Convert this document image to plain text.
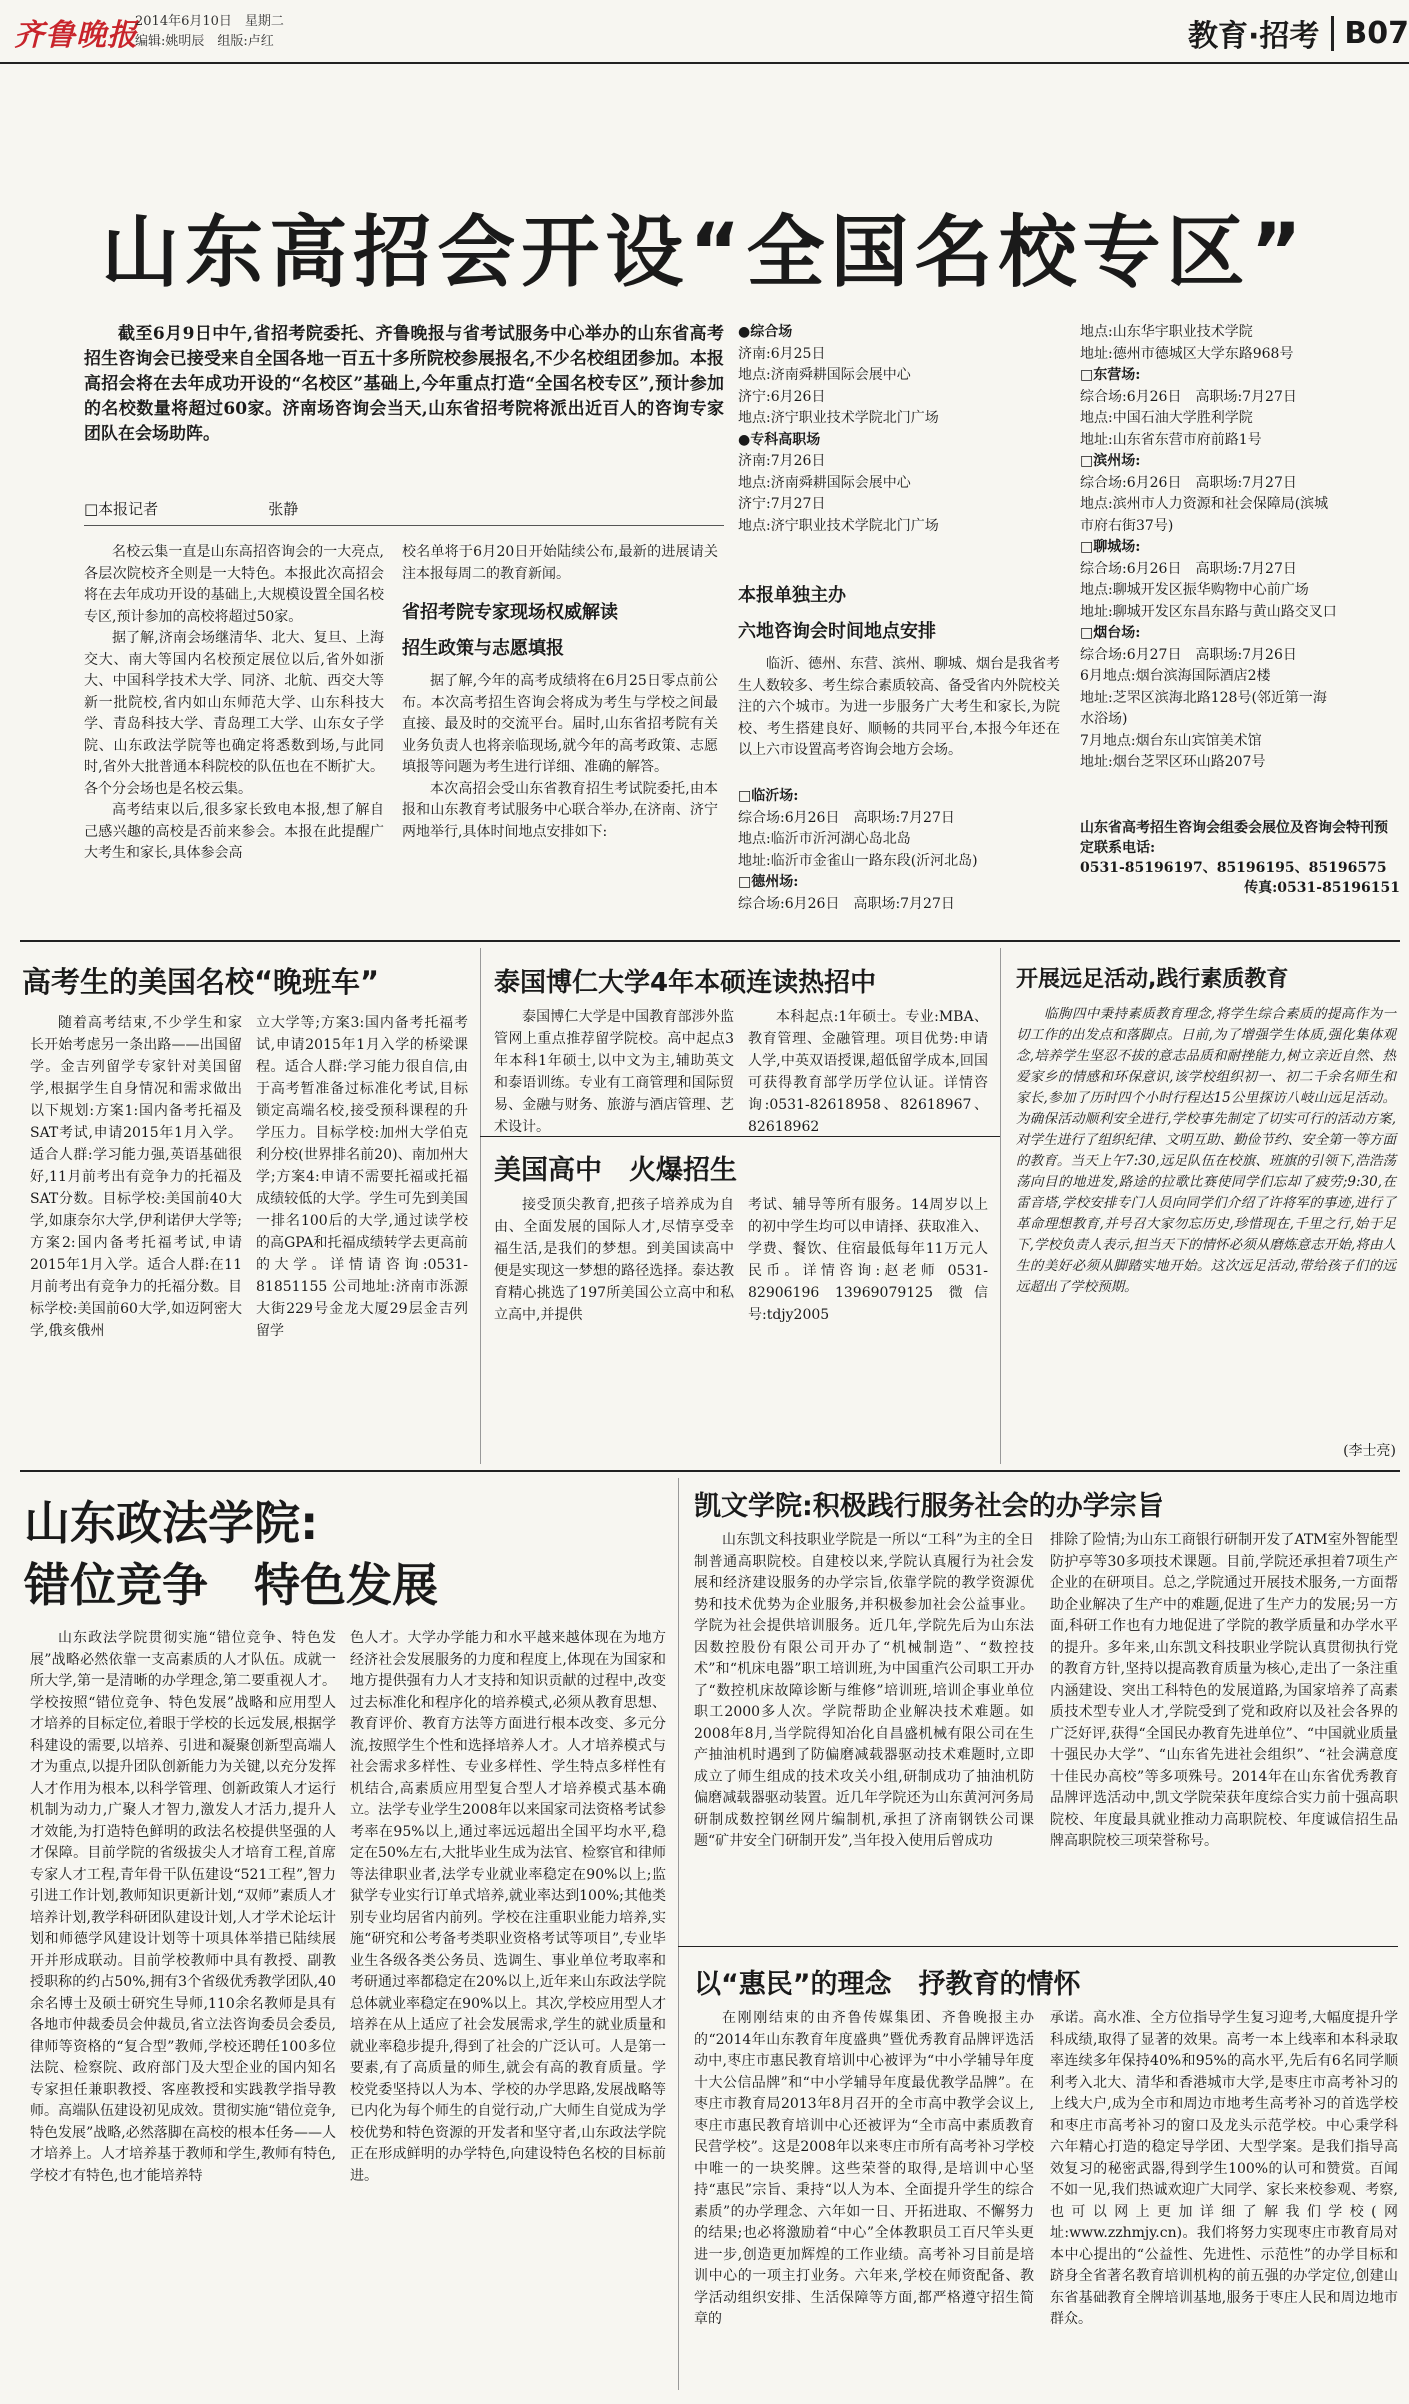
齐鲁晚报
2014年6月10日　星期二
编辑:姚明辰　组版:卢红	教育·招考 B07
山东高招会开设“全国名校专区”
截至6月9日中午,省招考院委托、齐鲁晚报与省考试服务中心举办的山东省高考招生咨询会已接受来自全国各地一百五十多所院校参展报名,不少名校组团参加。本报高招会将在去年成功开设的“名校区”基础上,今年重点打造“全国名校专区”,预计参加的名校数量将超过60家。济南场咨询会当天,山东省招考院将派出近百人的咨询专家团队在会场助阵。
□本报记者	张静

名校云集一直是山东高招咨询会的一大亮点,各层次院校齐全则是一大特色。本报此次高招会将在去年成功开设的基础上,大规模设置全国名校专区,预计参加的高校将超过50家。

据了解,济南会场继清华、北大、复旦、上海交大、南大等国内名校预定展位以后,省外如浙大、中国科学技术大学、同济、北航、西交大等新一批院校,省内如山东师范大学、山东科技大学、青岛科技大学、青岛理工大学、山东女子学院、山东政法学院等也确定将悉数到场,与此同时,省外大批普通本科院校的队伍也在不断扩大。各个分会场也是名校云集。

高考结束以后,很多家长致电本报,想了解自己感兴趣的高校是否前来参会。本报在此提醒广大考生和家长,具体参会高

校名单将于6月20日开始陆续公布,最新的进展请关注本报每周二的教育新闻。
省招考院专家现场权威解读
招生政策与志愿填报

据了解,今年的高考成绩将在6月25日零点前公布。本次高考招生咨询会将成为考生与学校之间最直接、最及时的交流平台。届时,山东省招考院有关业务负责人也将亲临现场,就今年的高考政策、志愿填报等问题为考生进行详细、准确的解答。

本次高招会受山东省教育招生考试院委托,由本报和山东教育考试服务中心联合举办,在济南、济宁两地举行,具体时间地点安排如下:

●综合场
济南:6月25日
地点:济南舜耕国际会展中心
济宁:6月26日
地点:济宁职业技术学院北门广场
●专科高职场
济南:7月26日
地点:济南舜耕国际会展中心
济宁:7月27日
地点:济宁职业技术学院北门广场
本报单独主办
六地咨询会时间地点安排

临沂、德州、东营、滨州、聊城、烟台是我省考生人数较多、考生综合素质较高、备受省内外院校关注的六个城市。为进一步服务广大考生和家长,为院校、考生搭建良好、顺畅的共同平台,本报今年还在以上六市设置高考咨询会地方会场。

□临沂场:
综合场:6月26日　高职场:7月27日
地点:临沂市沂河湖心岛北岛
地址:临沂市金雀山一路东段(沂河北岛)
□德州场:
综合场:6月26日　高职场:7月27日
地点:山东华宇职业技术学院
地址:德州市德城区大学东路968号
□东营场:
综合场:6月26日　高职场:7月27日
地点:中国石油大学胜利学院
地址:山东省东营市府前路1号
□滨州场:
综合场:6月26日　高职场:7月27日
地点:滨州市人力资源和社会保障局(滨城
市府右街37号)
□聊城场:
综合场:6月26日　高职场:7月27日
地点:聊城开发区振华购物中心前广场
地址:聊城开发区东昌东路与黄山路交叉口
□烟台场:
综合场:6月27日　高职场:7月26日
6月地点:烟台滨海国际酒店2楼
地址:芝罘区滨海北路128号(邻近第一海
水浴场)
7月地点:烟台东山宾馆美术馆
地址:烟台芝罘区环山路207号
山东省高考招生咨询会组委会展位及咨询会特刊预定联系电话:
0531-85196197、85196195、85196575
传真:0531-85196151
高考生的美国名校“晚班车”
随着高考结束,不少学生和家长开始考虑另一条出路——出国留学。金吉列留学专家针对美国留学,根据学生自身情况和需求做出以下规划:方案1:国内备考托福及SAT考试,申请2015年1月入学。适合人群:学习能力强,英语基础很好,11月前考出有竞争力的托福及SAT分数。目标学校:美国前40大学,如康奈尔大学,伊利诺伊大学等;方案2:国内备考托福考试,申请2015年1月入学。适合人群:在11月前考出有竞争力的托福分数。目标学校:美国前60大学,如迈阿密大学,俄亥俄州
立大学等;方案3:国内备考托福考试,申请2015年1月入学的桥梁课程。适合人群:学习能力很自信,由于高考暂准备过标准化考试,目标锁定高端名校,接受预科课程的升学压力。目标学校:加州大学伯克利分校(世界排名前20)、南加州大学;方案4:申请不需要托福或托福成绩较低的大学。学生可先到美国一排名100后的大学,通过读学校的高GPA和托福成绩转学去更高前的大学。详情请咨询:0531-81851155 公司地址:济南市泺源大街229号金龙大厦29层金吉列留学
泰国博仁大学4年本硕连读热招中
泰国博仁大学是中国教育部涉外监管网上重点推荐留学院校。高中起点3年本科1年硕士,以中文为主,辅助英文和泰语训练。专业有工商管理和国际贸易、金融与财务、旅游与酒店管理、艺术设计。
本科起点:1年硕士。专业:MBA、教育管理、金融管理。项目优势:申请人学,中英双语授课,超低留学成本,回国可获得教育部学历学位认证。详情咨询:0531-82618958、82618967、82618962
美国高中　火爆招生
接受顶尖教育,把孩子培养成为自由、全面发展的国际人才,尽情享受幸福生活,是我们的梦想。到美国读高中便是实现这一梦想的路径选择。泰达教育精心挑选了197所美国公立高中和私立高中,并提供
考试、辅导等所有服务。14周岁以上的初中学生均可以申请择、获取准入、学费、餐饮、住宿最低每年11万元人民币。详情咨询:赵老师 0531-82906196 13969079125 微信号:tdjy2005
开展远足活动,践行素质教育
临朐四中秉持素质教育理念,将学生综合素质的提高作为一切工作的出发点和落脚点。日前,为了增强学生体质,强化集体观念,培养学生坚忍不拔的意志品质和耐挫能力,树立亲近自然、热爱家乡的情感和环保意识,该学校组织初一、初二千余名师生和家长,参加了历时四个小时行程达15公里探访八岐山远足活动。为确保活动顺利安全进行,学校事先制定了切实可行的活动方案,对学生进行了组织纪律、文明互助、勤俭节约、安全第一等方面的教育。当天上午7:30,远足队伍在校旗、班旗的引领下,浩浩荡荡向目的地进发,路途的拉歌比赛使同学们忘却了疲劳;9:30,在雷音塔,学校安排专门人员向同学们介绍了许将军的事迹,进行了革命理想教育,并号召大家勿忘历史,珍惜现在,千里之行,始于足下,学校负责人表示,担当天下的情怀必须从磨炼意志开始,将由人生的美好必须从脚踏实地开始。这次远足活动,带给孩子们的远远超出了学校预期。
(李士亮)
山东政法学院:
错位竞争　特色发展
山东政法学院贯彻实施“错位竞争、特色发展”战略必然依靠一支高素质的人才队伍。成就一所大学,第一是清晰的办学理念,第二要重视人才。学校按照“错位竞争、特色发展”战略和应用型人才培养的目标定位,着眼于学校的长远发展,根据学科建设的需要,以培养、引进和凝聚创新型高端人才为重点,以提升团队创新能力为关键,以充分发挥人才作用为根本,以科学管理、创新政策人才运行机制为动力,广聚人才智力,激发人才活力,提升人才效能,为打造特色鲜明的政法名校提供坚强的人才保障。目前学院的省级拔尖人才培育工程,首席专家人才工程,青年骨干队伍建设“521工程”,智力引进工作计划,教师知识更新计划,“双师”素质人才培养计划,教学科研团队建设计划,人才学术论坛计划和师德学风建设计划等十项具体举措已陆续展开并形成联动。目前学校教师中具有教授、副教授职称的约占50%,拥有3个省级优秀教学团队,40余名博士及硕士研究生导师,110余名教师是具有各地市仲裁委员会仲裁员,省立法咨询委员会委员,律师等资格的“复合型”教师,学校还聘任100多位法院、检察院、政府部门及大型企业的国内知名专家担任兼职教授、客座教授和实践教学指导教师。高端队伍建设初见成效。贯彻实施“错位竞争,特色发展”战略,必然落脚在高校的根本任务——人才培养上。人才培养基于教师和学生,教师有特色,学校才有特色,也才能培养特
色人才。大学办学能力和水平越来越体现在为地方经济社会发展服务的力度和程度上,体现在为国家和地方提供强有力人才支持和知识贡献的过程中,改变过去标准化和程序化的培养模式,必须从教育思想、教育评价、教育方法等方面进行根本改变、多元分流,按照学生个性和选择培养人才。人才培养模式与社会需求多样性、专业多样性、学生特点多样性有机结合,高素质应用型复合型人才培养模式基本确立。法学专业学生2008年以来国家司法资格考试参考率在95%以上,通过率远远超出全国平均水平,稳定在50%左右,大批毕业生成为法官、检察官和律师等法律职业者,法学专业就业率稳定在90%以上;监狱学专业实行订单式培养,就业率达到100%;其他类别专业均居省内前列。学校在注重职业能力培养,实施“研究和公考备考类职业资格考试等项目”,专业毕业生各级各类公务员、选调生、事业单位考取率和考研通过率都稳定在20%以上,近年来山东政法学院总体就业率稳定在90%以上。其次,学校应用型人才培养在从上适应了社会发展需求,学生的就业质量和就业率稳步提升,得到了社会的广泛认可。人是第一要素,有了高质量的师生,就会有高的教育质量。学校党委坚持以人为本、学校的办学思路,发展战略等已内化为每个师生的自觉行动,广大师生自觉成为学校优势和特色资源的开发者和坚守者,山东政法学院正在形成鲜明的办学特色,向建设特色名校的目标前进。
凯文学院:积极践行服务社会的办学宗旨
山东凯文科技职业学院是一所以“工科”为主的全日制普通高职院校。自建校以来,学院认真履行为社会发展和经济建设服务的办学宗旨,依靠学院的教学资源优势和技术优势为企业服务,并积极参加社会公益事业。学院为社会提供培训服务。近几年,学院先后为山东法因数控股份有限公司开办了“机械制造”、“数控技术”和“机床电器”职工培训班,为中国重汽公司职工开办了“数控机床故障诊断与维修”培训班,培训企事业单位职工2000多人次。学院帮助企业解决技术难题。如2008年8月,当学院得知冶化自昌盛机械有限公司在生产抽油机时遇到了防偏磨减载器驱动技术难题时,立即成立了师生组成的技术攻关小组,研制成功了抽油机防偏磨减载器驱动装置。近几年学院还为山东黄河河务局研制成数控钢丝网片编制机,承担了济南钢铁公司课题“矿井安全门研制开发”,当年投入使用后曾成功
排除了险情;为山东工商银行研制开发了ATM室外智能型防护亭等30多项技术课题。目前,学院还承担着7项生产企业的在研项目。总之,学院通过开展技术服务,一方面帮助企业解决了生产中的难题,促进了生产力的发展;另一方面,科研工作也有力地促进了学院的教学质量和办学水平的提升。多年来,山东凯文科技职业学院认真贯彻执行党的教育方针,坚持以提高教育质量为核心,走出了一条注重内涵建设、突出工科特色的发展道路,为国家培养了高素质技术型专业人才,学院受到了党和政府以及社会各界的广泛好评,获得“全国民办教育先进单位”、“中国就业质量十强民办大学”、“山东省先进社会组织”、“社会满意度十佳民办高校”等多项殊号。2014年在山东省优秀教育品牌评选活动中,凯文学院荣获年度综合实力前十强高职院校、年度最具就业推动力高职院校、年度诚信招生品牌高职院校三项荣誉称号。
以“惠民”的理念　抒教育的情怀
在刚刚结束的由齐鲁传媒集团、齐鲁晚报主办的“2014年山东教育年度盛典”暨优秀教育品牌评选活动中,枣庄市惠民教育培训中心被评为“中小学辅导年度十大公信品牌”和“中小学辅导年度最优教学品牌”。在枣庄市教育局2013年8月召开的全市高中教学会议上,枣庄市惠民教育培训中心还被评为“全市高中素质教育民营学校”。这是2008年以来枣庄市所有高考补习学校中唯一的一块奖牌。这些荣誉的取得,是培训中心坚持“惠民”宗旨、秉持“以人为本、全面提升学生的综合素质”的办学理念、六年如一日、开拓进取、不懈努力的结果;也必将激励着“中心”全体教职员工百尺竿头更进一步,创造更加辉煌的工作业绩。高考补习目前是培训中心的一项主打业务。六年来,学校在师资配备、教学活动组织安排、生活保障等方面,都严格遵守招生简章的
承诺。高水准、全方位指导学生复习迎考,大幅度提升学科成绩,取得了显著的效果。高考一本上线率和本科录取率连续多年保持40%和95%的高水平,先后有6名同学顺利考入北大、清华和香港城市大学,是枣庄市高考补习的上线大户,成为全市和周边市地考生高考补习的首选学校和枣庄市高考补习的窗口及龙头示范学校。中心秉学科六年精心打造的稳定导学团、大型学案。是我们指导高效复习的秘密武器,得到学生100%的认可和赞赏。百闻不如一见,我们热诚欢迎广大同学、家长来校参观、考察,也可以网上更加详细了解我们学校(网址:www.zzhmjy.cn)。我们将努力实现枣庄市教育局对本中心提出的“公益性、先进性、示范性”的办学目标和跻身全省著名教育培训机构的前五强的办学定位,创建山东省基础教育全牌培训基地,服务于枣庄人民和周边地市群众。
